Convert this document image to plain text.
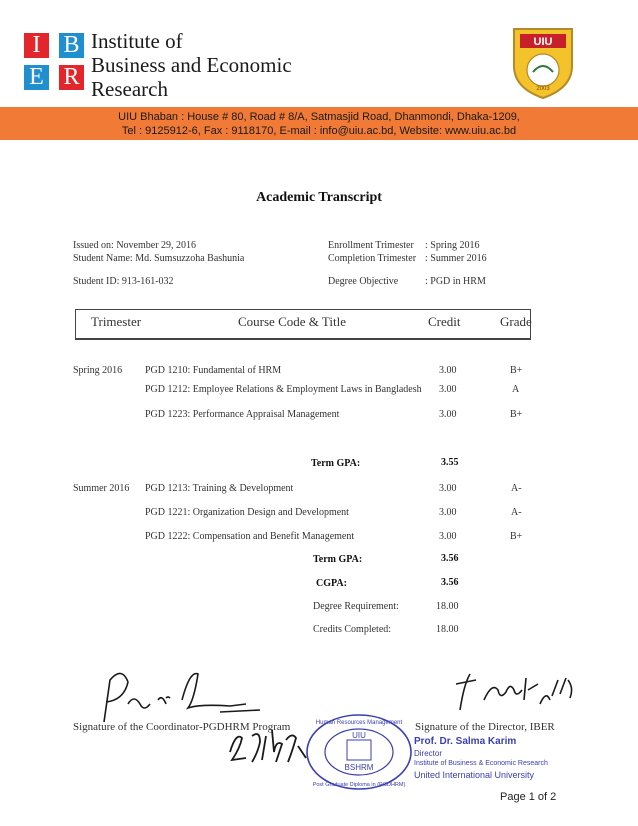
I B
E R
Institute of
Business and Economic
Research
UIU
2003
UIU Bhaban : House # 80, Road # 8/A, Satmasjid Road, Dhanmondi, Dhaka-1209,
Tel : 9125912-6, Fax : 9118170, E-mail : info@uiu.ac.bd, Website: www.uiu.ac.bd
Academic Transcript
Issued on: November 29, 2016
Student Name: Md. Sumsuzzoha Bashunia
Student ID: 913-161-032
Enrollment Trimester : Spring 2016
Completion Trimester : Summer 2016
Degree Objective	: PGD in HRM
Trimester	Course Code & Title	Credit	Grade
Spring 2016 PGD 1210: Fundamental of HRM	3.00	B+
PGD 1212: Employee Relations & Employment Laws in Bangladesh 3.00	A
PGD 1223: Performance Appraisal Management	3.00	B+
Term GPA:	3.55
Summer 2016 PGD 1213: Training & Development	3.00	A-
PGD 1221: Organization Design and Development	3.00	A-
PGD 1222: Compensation and Benefit Management	3.00	B+
Term GPA:	3.56
CGPA:	3.56
Degree Requirement:	18.00
Credits Completed:	18.00
Signature of the Coordinator-PGDHRM Program	Signature of the Director, IBER
Prof. Dr. Salma Karim
Director
Institute of Business & Economic Research
United International University
UIU
BSHRM
Human Resources Management
Post Graduate Diploma in (PGDHRM)
Page 1 of 2
